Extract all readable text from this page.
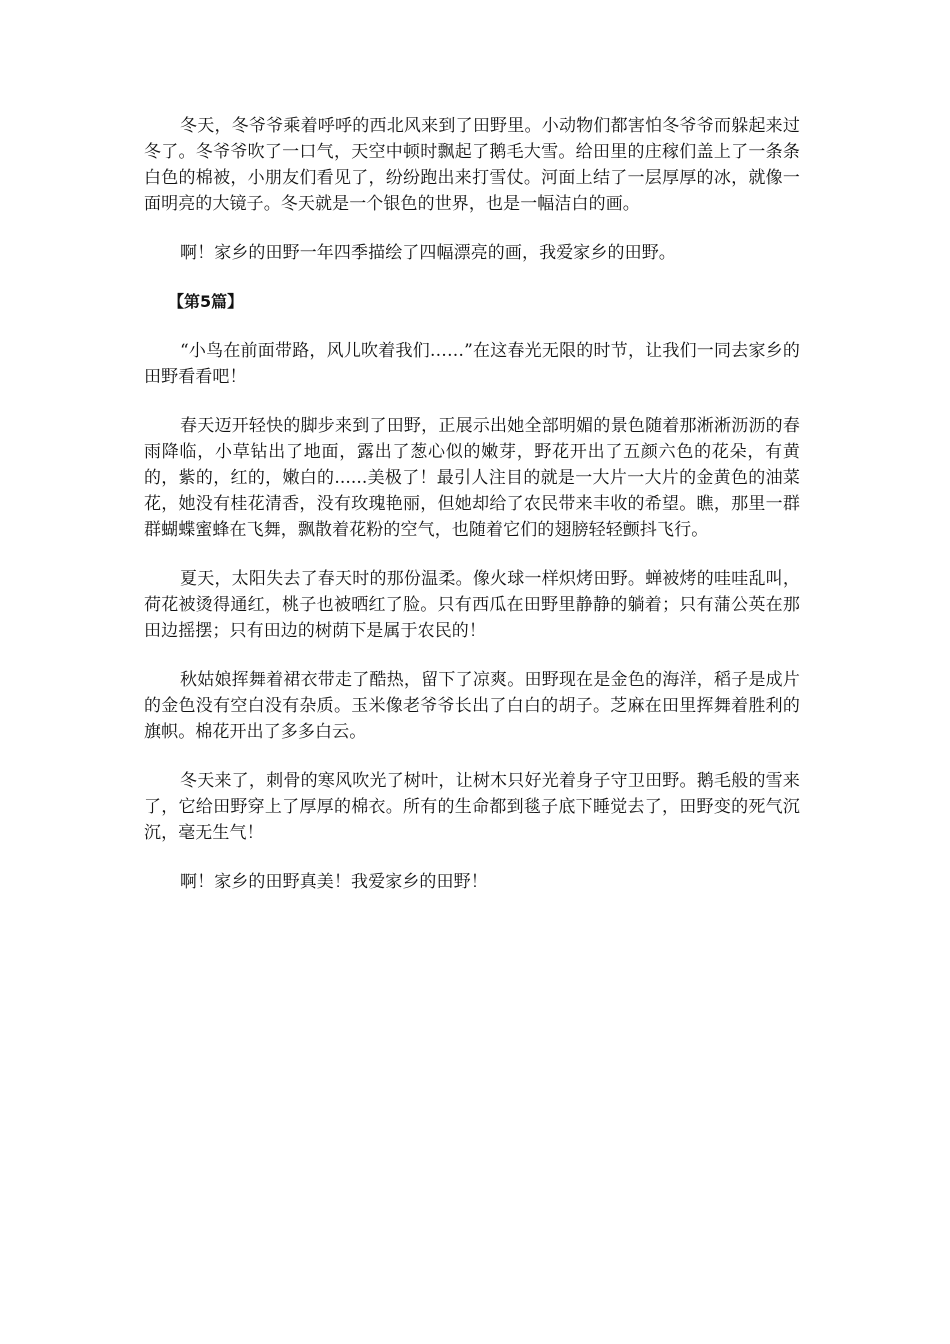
冬天，冬爷爷乘着呼呼的西北风来到了田野里。小动物们都害怕冬爷爷而躲起来过冬了。冬爷爷吹了一口气，天空中顿时飘起了鹅毛大雪。给田里的庄稼们盖上了一条条白色的棉被，小朋友们看见了，纷纷跑出来打雪仗。河面上结了一层厚厚的冰，就像一面明亮的大镜子。冬天就是一个银色的世界，也是一幅洁白的画。

啊！家乡的田野一年四季描绘了四幅漂亮的画，我爱家乡的田野。

【第5篇】

“小鸟在前面带路，风儿吹着我们……”在这春光无限的时节，让我们一同去家乡的田野看看吧！

春天迈开轻快的脚步来到了田野，正展示出她全部明媚的景色随着那淅淅沥沥的春雨降临，小草钻出了地面，露出了葱心似的嫩芽，野花开出了五颜六色的花朵，有黄的，紫的，红的，嫩白的......美极了！最引人注目的就是一大片一大片的金黄色的油菜花，她没有桂花清香，没有玫瑰艳丽，但她却给了农民带来丰收的希望。瞧，那里一群群蝴蝶蜜蜂在飞舞，飘散着花粉的空气，也随着它们的翅膀轻轻颤抖飞行。

夏天，太阳失去了春天时的那份温柔。像火球一样炽烤田野。蝉被烤的哇哇乱叫，荷花被烫得通红，桃子也被晒红了脸。只有西瓜在田野里静静的躺着；只有蒲公英在那田边摇摆；只有田边的树荫下是属于农民的！

秋姑娘挥舞着裙衣带走了酷热，留下了凉爽。田野现在是金色的海洋，稻子是成片的金色没有空白没有杂质。玉米像老爷爷长出了白白的胡子。芝麻在田里挥舞着胜利的旗帜。棉花开出了多多白云。

冬天来了，刺骨的寒风吹光了树叶，让树木只好光着身子守卫田野。鹅毛般的雪来了，它给田野穿上了厚厚的棉衣。所有的生命都到毯子底下睡觉去了，田野变的死气沉沉，毫无生气！

啊！家乡的田野真美！我爱家乡的田野！
